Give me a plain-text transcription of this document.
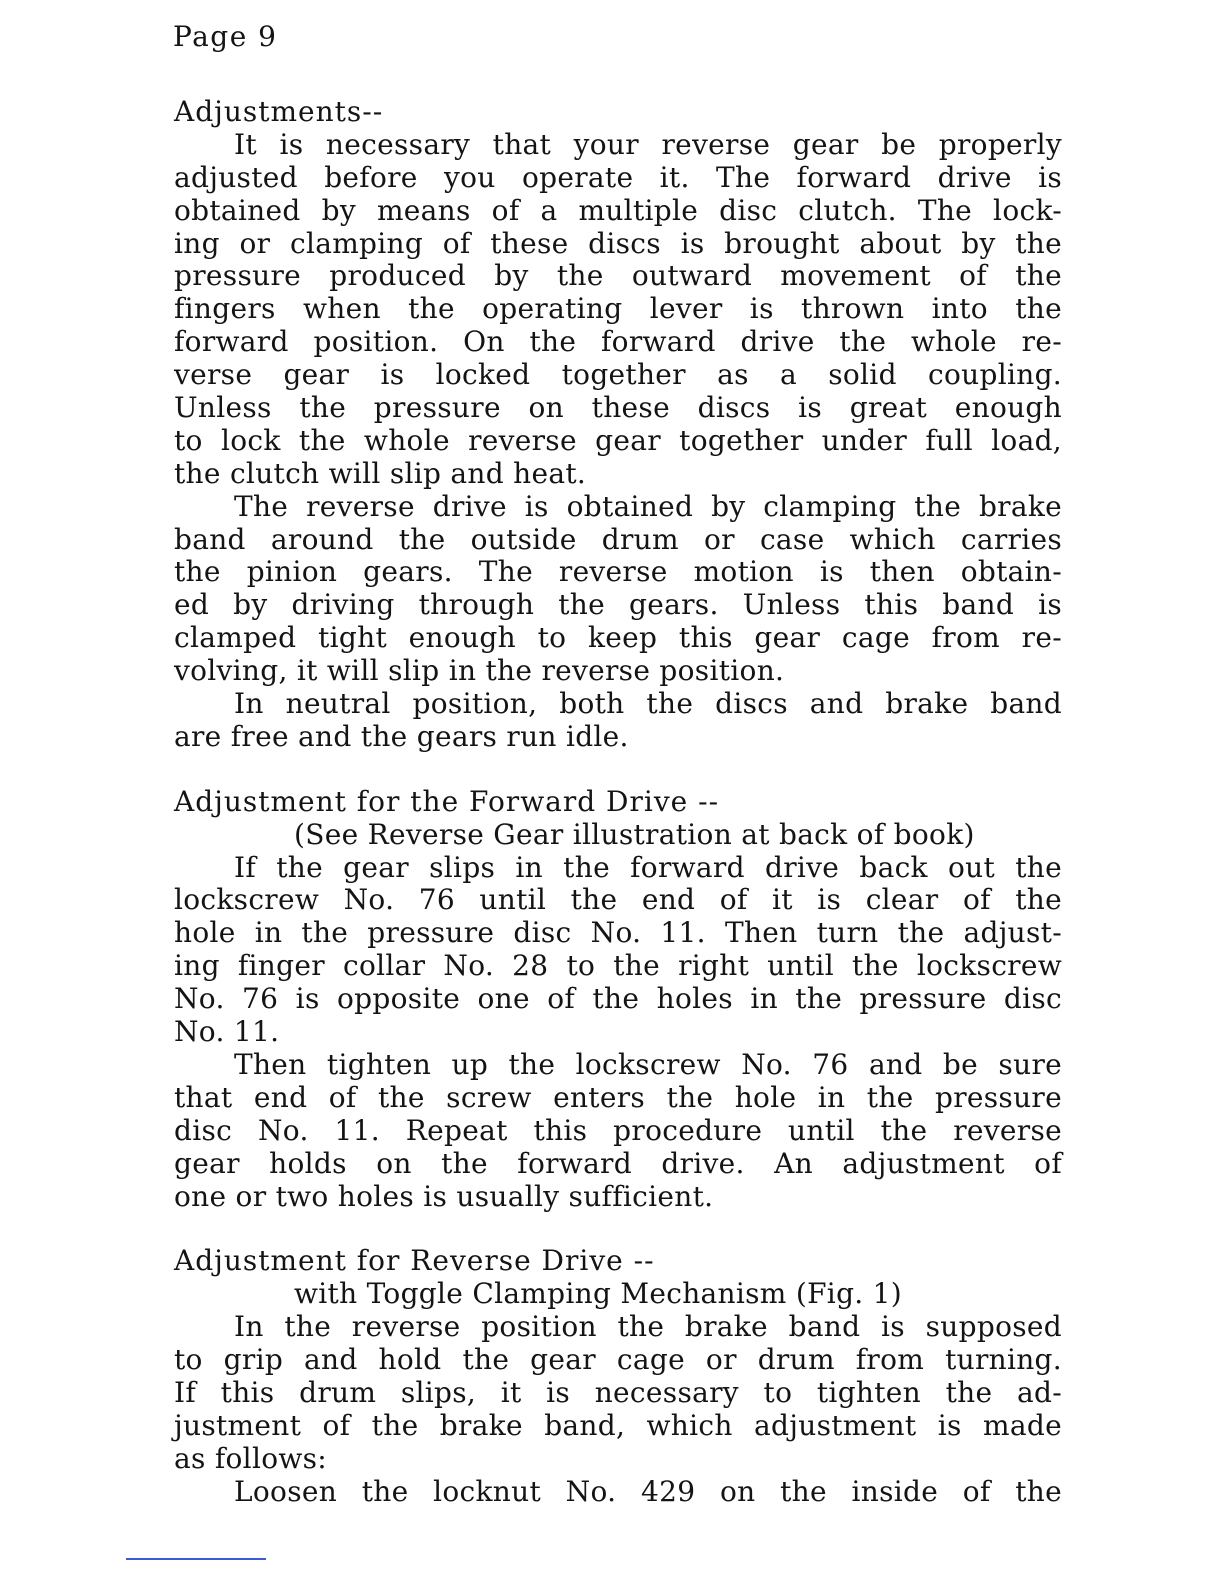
Page 9
Adjustments--
It is necessary that your reverse gear be properly
adjusted before you operate it. The forward drive is
obtained by means of a multiple disc clutch. The lock-
ing or clamping of these discs is brought about by the
pressure produced by the outward movement of the
fingers when the operating lever is thrown into the
forward position. On the forward drive the whole re-
verse gear is locked together as a solid coupling.
Unless the pressure on these discs is great enough
to lock the whole reverse gear together under full load,
the clutch will slip and heat.
The reverse drive is obtained by clamping the brake
band around the outside drum or case which carries
the pinion gears. The reverse motion is then obtain-
ed by driving through the gears. Unless this band is
clamped tight enough to keep this gear cage from re-
volving, it will slip in the reverse position.
In neutral position, both the discs and brake band
are free and the gears run idle.
Adjustment for the Forward Drive --
(See Reverse Gear illustration at back of book)
If the gear slips in the forward drive back out the
lockscrew No. 76 until the end of it is clear of the
hole in the pressure disc No. 11. Then turn the adjust-
ing finger collar No. 28 to the right until the lockscrew
No. 76 is opposite one of the holes in the pressure disc
No. 11.
Then tighten up the lockscrew No. 76 and be sure
that end of the screw enters the hole in the pressure
disc No. 11. Repeat this procedure until the reverse
gear holds on the forward drive. An adjustment of
one or two holes is usually sufficient.
Adjustment for Reverse Drive --
with Toggle Clamping Mechanism (Fig. 1)
In the reverse position the brake band is supposed
to grip and hold the gear cage or drum from turning.
If this drum slips, it is necessary to tighten the ad-
justment of the brake band, which adjustment is made
as follows:
Loosen the locknut No. 429 on the inside of the
